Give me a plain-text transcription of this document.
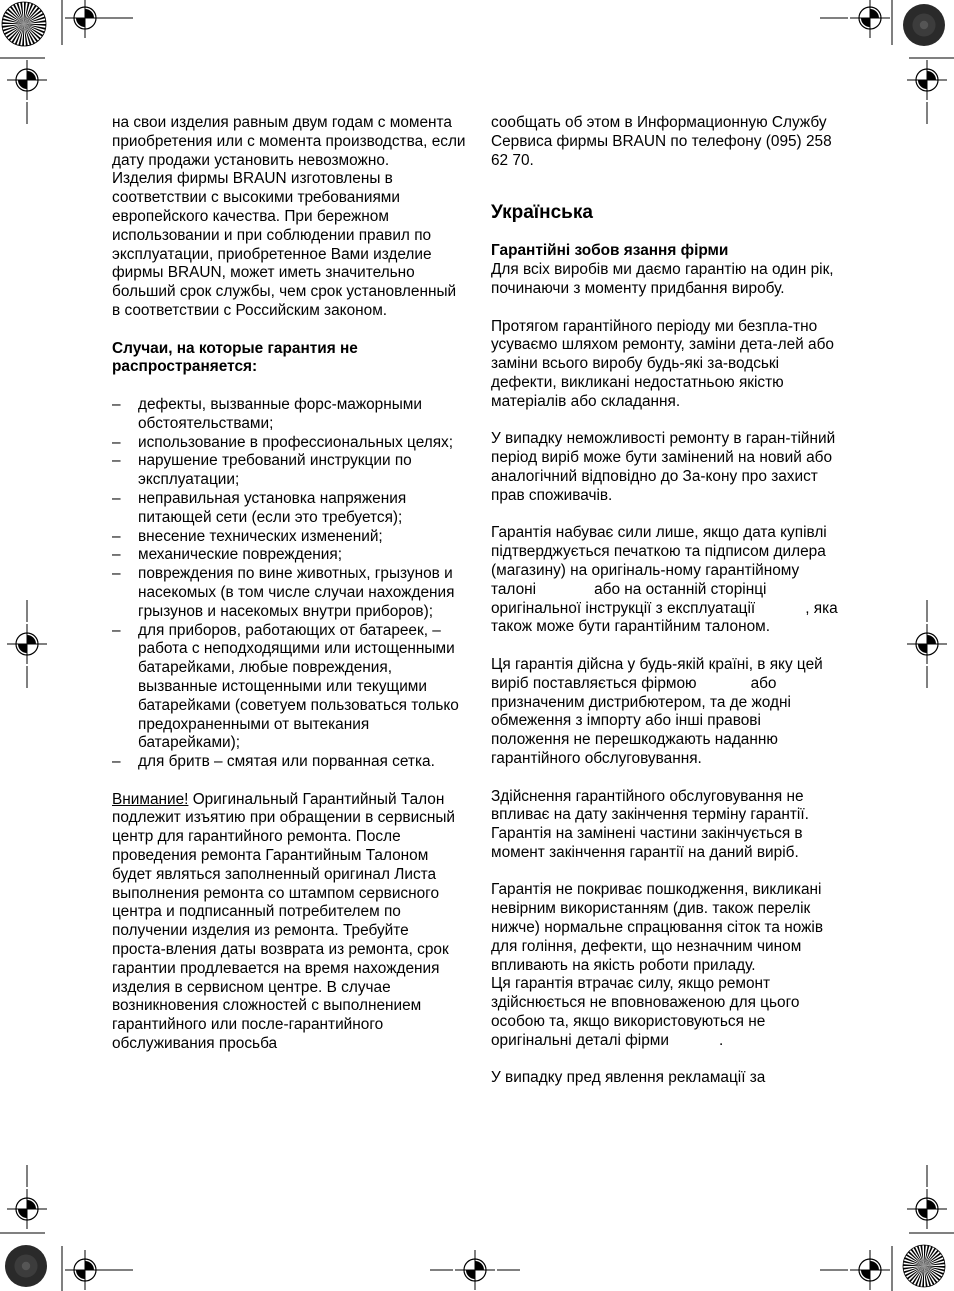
на свои изделия равным двум годам с момента приобретения или с момента производства, если дату продажи установить невозможно.

Изделия фирмы BRAUN изготовлены в соответствии с высокими требованиями европейского качества. При бережном использовании и при соблюдении правил по эксплуатации, приобретенное Вами изделие фирмы BRAUN, может иметь значительно больший срок службы, чем срок установленный в соответствии с Российским законом.

Случаи, на которые гарантия не распространяется:

– дефекты, вызванные форс-мажорными обстоятельствами;
– использование в профессиональных целях;
– нарушение требований инструкции по эксплуатации;
– неправильная установка напряжения питающей сети (если это требуется);
– внесение технических изменений;
– механические повреждения;
– повреждения по вине животных, грызунов и насекомых (в том числе случаи нахождения грызунов и насекомых внутри приборов);
– для приборов, работающих от батареек, – работа с неподходящими или истощенными батарейками, любые повреждения, вызванные истощенными или текущими батарейками (советуем пользоваться только предохраненными от вытекания батарейками);
– для бритв – смятая или порванная сетка.

Внимание! Оригинальный Гарантийный Талон подлежит изъятию при обращении в сервисный центр для гарантийного ремонта. После проведения ремонта Гарантийным Талоном будет являться заполненный оригинал Листа выполнения ремонта со штампом сервисного центра и подписанный потребителем по получении изделия из ремонта. Требуйте проста-вления даты возврата из ремонта, срок гарантии продлевается на время нахождения изделия в сервисном центре. В случае возникновения сложностей с выполнением гарантийного или после-гарантийного обслуживания просьба

сообщать об этом в Информационную Службу Сервиса фирмы BRAUN по телефону (095) 258 62 70.

Українська

Гарантійні зобов язання фірми

Для всіх виробів ми даємо гарантію на один рік, починаючи з моменту придбання виробу.

Протягом гарантійного періоду ми безпла-тно усуваємо шляхом ремонту, заміни дета-лей або заміни всього виробу будь-які за-водські дефекти, викликані недостатньою якістю матеріалів або складання.

У випадку неможливості ремонту в гаран-тійний період виріб може бути замінений на новий або аналогічний відповідно до За-кону про захист прав споживачів.

Гарантія набуває сили лише, якщо дата купівлі підтверджується печаткою та підписом дилера (магазину) на оригіналь-ному гарантійному талоні	або на останній сторінці оригінальної інструкції з експлуатації	, яка також може бути гарантійним талоном.

Ця гарантія дійсна у будь-якій країні, в яку цей виріб поставляється фірмою	або призначеним дистрибютером, та де жодні обмеження з імпорту або інші правові положення не перешкоджають наданню гарантійного обслуговування.

Здійснення гарантійного обслуговування не впливає на дату закінчення терміну гарантії. Гарантія на замінені частини закінчується в момент закінчення гарантії на даний виріб.

Гарантія не покриває пошкодження, викликані невірним використанням (див. також перелік нижче) нормальне спрацювання сіток та ножів для гоління, дефекти, що незначним чином впливають на якість роботи приладу.

Ця гарантія втрачає силу, якщо ремонт здійснюється не вповноваженою для цього особою та, якщо використовуються не оригінальні деталі фірми	.

У випадку пред явлення рекламації за
